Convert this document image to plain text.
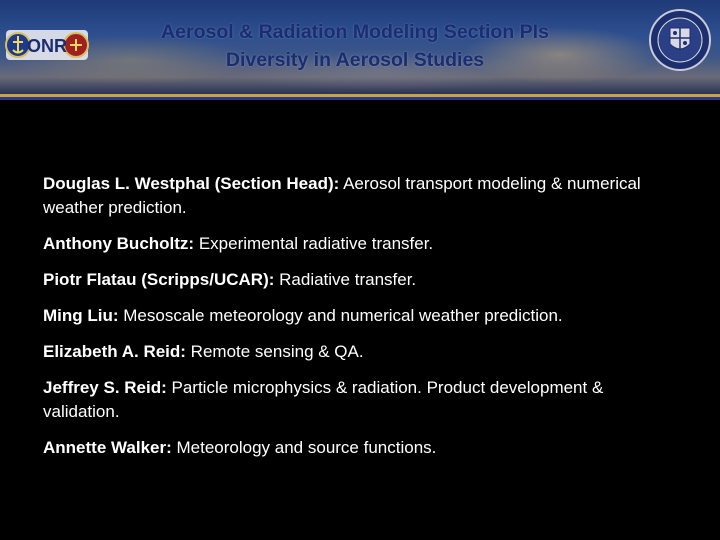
ONR
Aerosol & Radiation Modeling Section PIs
Diversity in Aerosol Studies
Douglas L. Westphal (Section Head): Aerosol transport modeling & numerical weather prediction.
Anthony Bucholtz: Experimental radiative transfer.
Piotr Flatau (Scripps/UCAR): Radiative transfer.
Ming Liu: Mesoscale meteorology and numerical weather prediction.
Elizabeth A. Reid: Remote sensing & QA.
Jeffrey S. Reid: Particle microphysics & radiation. Product development & validation.
Annette Walker: Meteorology and source functions.
